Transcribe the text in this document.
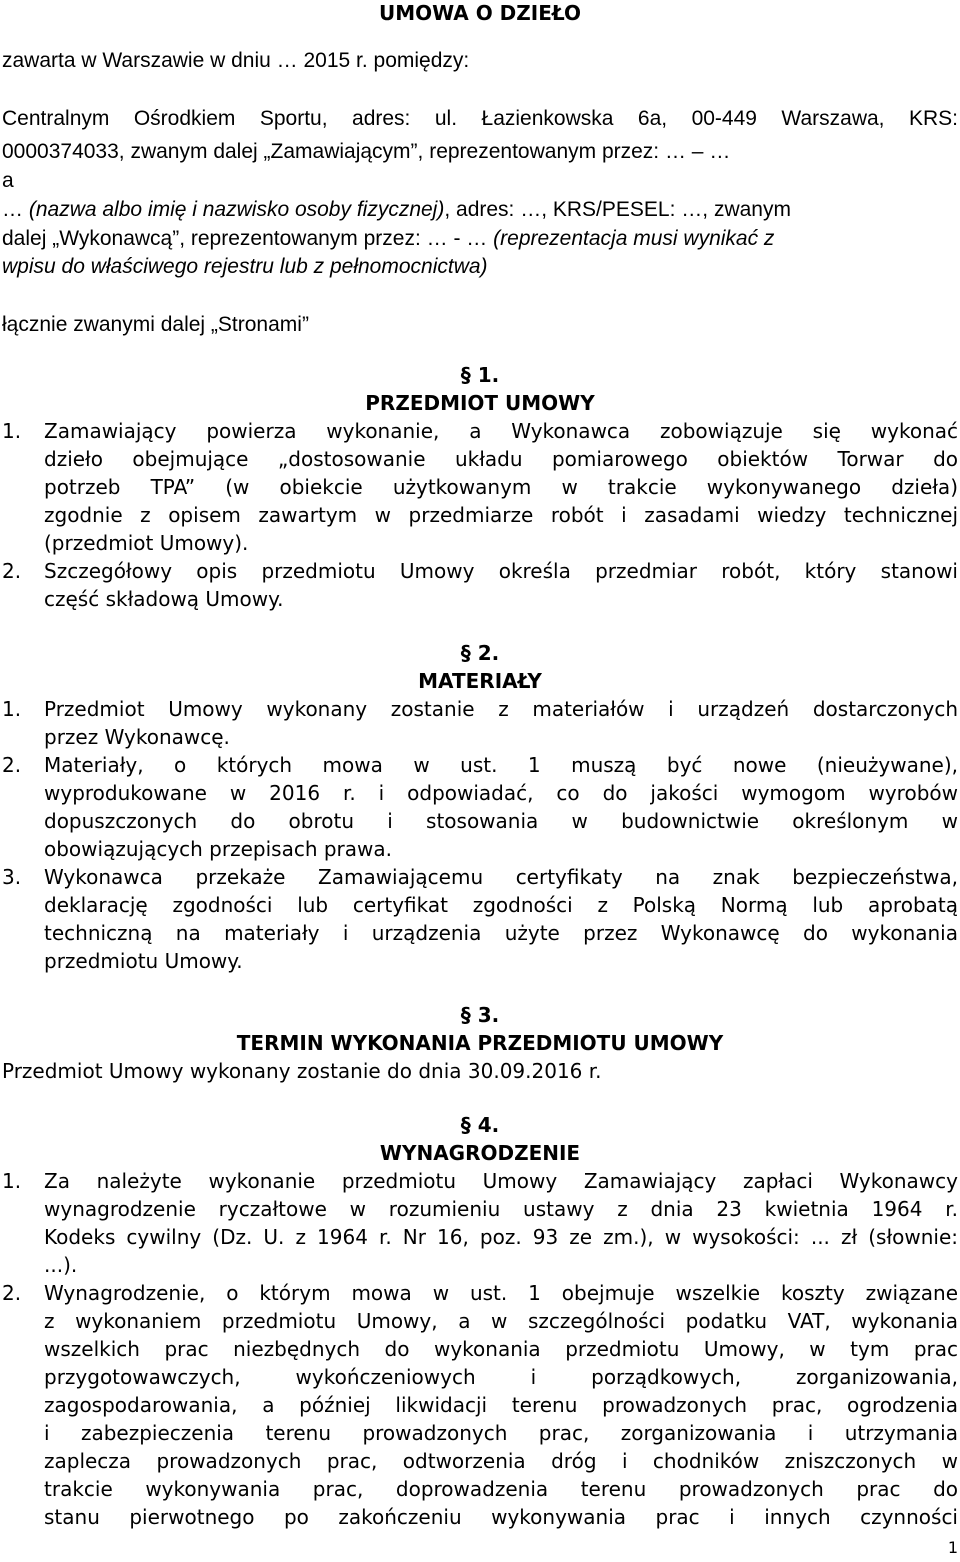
UMOWA O DZIEŁO
zawarta w Warszawie w dniu … 2015 r. pomiędzy:
Centralnym Ośrodkiem Sportu, adres: ul. Łazienkowska 6a, 00-449 Warszawa, KRS:
0000374033, zwanym dalej „Zamawiającym”, reprezentowanym przez: … – …
a
… (nazwa albo imię i nazwisko osoby fizycznej), adres: …, KRS/PESEL: …, zwanym
dalej „Wykonawcą”, reprezentowanym przez: … - … (reprezentacja musi wynikać z
wpisu do właściwego rejestru lub z pełnomocnictwa)
łącznie zwanymi dalej „Stronami”
§ 1.
PRZEDMIOT UMOWY
1. Zamawiający powierza wykonanie, a Wykonawca zobowiązuje się wykonać
dzieło obejmujące „dostosowanie układu pomiarowego obiektów Torwar do
potrzeb TPA” (w obiekcie użytkowanym w trakcie wykonywanego dzieła)
zgodnie z opisem zawartym w przedmiarze robót i zasadami wiedzy technicznej
(przedmiot Umowy).
2. Szczegółowy opis przedmiotu Umowy określa przedmiar robót, który stanowi
część składową Umowy.
§ 2.
MATERIAŁY
1. Przedmiot Umowy wykonany zostanie z materiałów i urządzeń dostarczonych
przez Wykonawcę.
2. Materiały, o których mowa w ust. 1 muszą być nowe (nieużywane),
wyprodukowane w 2016 r. i odpowiadać, co do jakości wymogom wyrobów
dopuszczonych do obrotu i stosowania w budownictwie określonym w
obowiązujących przepisach prawa.
3. Wykonawca przekaże Zamawiającemu certyfikaty na znak bezpieczeństwa,
deklarację zgodności lub certyfikat zgodności z Polską Normą lub aprobatą
techniczną na materiały i urządzenia użyte przez Wykonawcę do wykonania
przedmiotu Umowy.
§ 3.
TERMIN WYKONANIA PRZEDMIOTU UMOWY
Przedmiot Umowy wykonany zostanie do dnia 30.09.2016 r.
§ 4.
WYNAGRODZENIE
1. Za należyte wykonanie przedmiotu Umowy Zamawiający zapłaci Wykonawcy
wynagrodzenie ryczałtowe w rozumieniu ustawy z dnia 23 kwietnia 1964 r.
Kodeks cywilny (Dz. U. z 1964 r. Nr 16, poz. 93 ze zm.), w wysokości: ... zł (słownie:
...).
2. Wynagrodzenie, o którym mowa w ust. 1 obejmuje wszelkie koszty związane
z wykonaniem przedmiotu Umowy, a w szczególności podatku VAT, wykonania
wszelkich prac niezbędnych do wykonania przedmiotu Umowy, w tym prac
przygotowawczych, wykończeniowych i porządkowych, zorganizowania,
zagospodarowania, a później likwidacji terenu prowadzonych prac, ogrodzenia
i zabezpieczenia terenu prowadzonych prac, zorganizowania i utrzymania
zaplecza prowadzonych prac, odtworzenia dróg i chodników zniszczonych w
trakcie wykonywania prac, doprowadzenia terenu prowadzonych prac do
stanu pierwotnego po zakończeniu wykonywania prac i innych czynności
1
